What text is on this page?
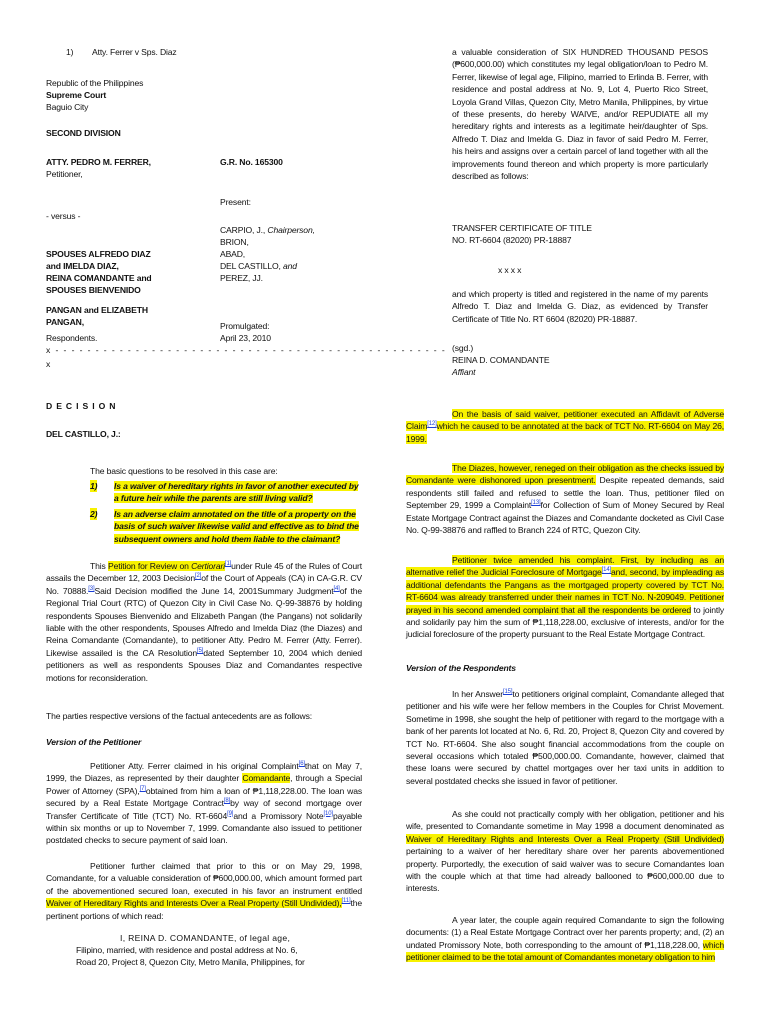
1) Atty. Ferrer v Sps. Diaz
Republic of the Philippines
Supreme Court
Baguio City
SECOND DIVISION
ATTY. PEDRO M. FERRER,	G.R. No. 165300
Petitioner,
Present:
- versus -
CARPIO, J., Chairperson,
BRION,
ABAD,
DEL CASTILLO, and
PEREZ, JJ.
SPOUSES ALFREDO DIAZ
and IMELDA DIAZ,
REINA COMANDANTE and
SPOUSES BIENVENIDO
PANGAN and ELIZABETH
PANGAN,	Promulgated:
Respondents.	April 23, 2010
x - - - - - - - - - - - - - - - - - - - - - - - - - - - - - - - - - - - - - - - - - - - - - - - - -
x
D E C I S I O N
DEL CASTILLO, J.:
The basic questions to be resolved in this case are:
1) Is a waiver of hereditary rights in favor of another executed by a future heir while the parents are still living valid?
2) Is an adverse claim annotated on the title of a property on the basis of such waiver likewise valid and effective as to bind the subsequent owners and hold them liable to the claimant?
This Petition for Review on Certiorari[1]under Rule 45 of the Rules of Court assails the December 12, 2003 Decision[2]of the Court of Appeals (CA) in CA-G.R. CV No. 70888.[3]Said Decision modified the June 14, 2001Summary Judgment[4]of the Regional Trial Court (RTC) of Quezon City in Civil Case No. Q-99-38876 by holding respondents Spouses Bienvenido and Elizabeth Pangan (the Pangans) not solidarily liable with the other respondents, Spouses Alfredo and Imelda Diaz (the Diazes) and Reina Comandante (Comandante), to petitioner Atty. Pedro M. Ferrer (Atty. Ferrer). Likewise assailed is the CA Resolution[5]dated September 10, 2004 which denied petitioners as well as respondents Spouses Diaz and Comandantes respective motions for reconsideration.
The parties respective versions of the factual antecedents are as follows:
Version of the Petitioner
Petitioner Atty. Ferrer claimed in his original Complaint[6]that on May 7, 1999, the Diazes, as represented by their daughter Comandante, through a Special Power of Attorney (SPA),[7]obtained from him a loan of ₱1,118,228.00. The loan was secured by a Real Estate Mortgage Contract[8]by way of second mortgage over Transfer Certificate of Title (TCT) No. RT-6604[9]and a Promissory Note[10]payable within six months or up to November 7, 1999. Comandante also issued to petitioner postdated checks to secure payment of said loan.
Petitioner further claimed that prior to this or on May 29, 1998, Comandante, for a valuable consideration of ₱600,000.00, which amount formed part of the abovementioned secured loan, executed in his favor an instrument entitled Waiver of Hereditary Rights and Interests Over a Real Property (Still Undivided),[11]the pertinent portions of which read:
I, REINA D. COMANDANTE, of legal age,
Filipino, married, with residence and postal address at No. 6,
Road 20, Project 8, Quezon City, Metro Manila, Philippines, for
a valuable consideration of SIX HUNDRED THOUSAND PESOS (₱600,000.00) which constitutes my legal obligation/loan to Pedro M. Ferrer, likewise of legal age, Filipino, married to Erlinda B. Ferrer, with residence and postal address at No. 9, Lot 4, Puerto Rico Street, Loyola Grand Villas, Quezon City, Metro Manila, Philippines, by virtue of these presents, do hereby WAIVE, and/or REPUDIATE all my hereditary rights and interests as a legitimate heir/daughter of Sps. Alfredo T. Diaz and Imelda G. Diaz in favor of said Pedro M. Ferrer, his heirs and assigns over a certain parcel of land together with all the improvements found thereon and which property is more particularly described as follows:
TRANSFER CERTIFICATE OF TITLE
NO. RT-6604 (82020) PR-18887
x x x x
and which property is titled and registered in the name of my parents Alfredo T. Diaz and Imelda G. Diaz, as evidenced by Transfer Certificate of Title No. RT 6604 (82020) PR-18887.
(sgd.)
REINA D. COMANDANTE
Affiant
On the basis of said waiver, petitioner executed an Affidavit of Adverse Claim[12]which he caused to be annotated at the back of TCT No. RT-6604 on May 26, 1999.
The Diazes, however, reneged on their obligation as the checks issued by Comandante were dishonored upon presentment. Despite repeated demands, said respondents still failed and refused to settle the loan. Thus, petitioner filed on September 29, 1999 a Complaint[13]for Collection of Sum of Money Secured by Real Estate Mortgage Contract against the Diazes and Comandante docketed as Civil Case No. Q-99-38876 and raffled to Branch 224 of RTC, Quezon City.
Petitioner twice amended his complaint. First, by including as an alternative relief the Judicial Foreclosure of Mortgage[14]and, second, by impleading as additional defendants the Pangans as the mortgaged property covered by TCT No. RT-6604 was already transferred under their names in TCT No. N-209049. Petitioner prayed in his second amended complaint that all the respondents be ordered to jointly and solidarily pay him the sum of ₱1,118,228.00, exclusive of interests, and/or for the judicial foreclosure of the property pursuant to the Real Estate Mortgage Contract.
Version of the Respondents
In her Answer[15]to petitioners original complaint, Comandante alleged that petitioner and his wife were her fellow members in the Couples for Christ Movement. Sometime in 1998, she sought the help of petitioner with regard to the mortgage with a bank of her parents lot located at No. 6, Rd. 20, Project 8, Quezon City and covered by TCT No. RT-6604. She also sought financial accommodations from the couple on several occasions which totaled ₱500,000.00. Comandante, however, claimed that these loans were secured by chattel mortgages over her taxi units in addition to several postdated checks she issued in favor of petitioner.
As she could not practically comply with her obligation, petitioner and his wife, presented to Comandante sometime in May 1998 a document denominated as Waiver of Hereditary Rights and Interests Over a Real Property (Still Undivided) pertaining to a waiver of her hereditary share over her parents abovementioned property. Purportedly, the execution of said waiver was to secure Comandantes loan with the couple which at that time had already ballooned to ₱600,000.00 due to interests.
A year later, the couple again required Comandante to sign the following documents: (1) a Real Estate Mortgage Contract over her parents property; and, (2) an undated Promissory Note, both corresponding to the amount of ₱1,118,228.00, which petitioner claimed to be the total amount of Comandantes monetary obligation to him
